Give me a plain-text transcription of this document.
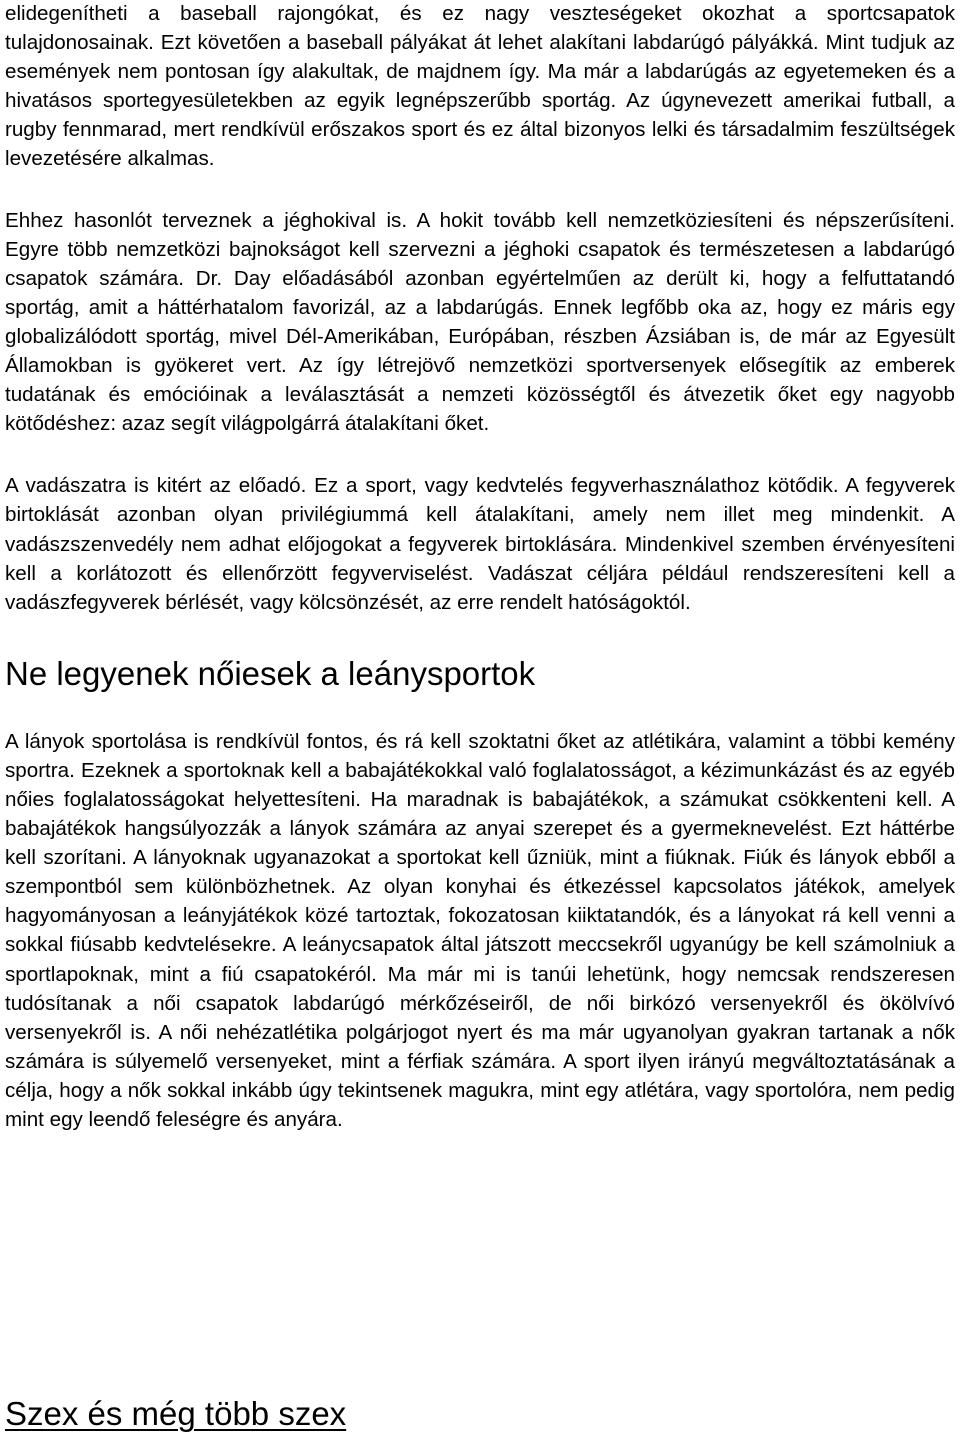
elidegenítheti a baseball rajongókat, és ez nagy veszteségeket okozhat a sportcsapatok tulajdonosainak. Ezt követően a baseball pályákat át lehet alakítani labdarúgó pályákká. Mint tudjuk az események nem pontosan így alakultak, de majdnem így. Ma már a labdarúgás az egyetemeken és a hivatásos sportegyesületekben az egyik legnépszerűbb sportág. Az úgynevezett amerikai futball, a rugby fennmarad, mert rendkívül erőszakos sport és ez által bizonyos lelki és társadalmim feszültségek levezetésére alkalmas.

Ehhez hasonlót terveznek a jéghokival is. A hokit tovább kell nemzetköziesíteni és népszerűsíteni. Egyre több nemzetközi bajnokságot kell szervezni a jéghoki csapatok és természetesen a labdarúgó csapatok számára. Dr. Day előadásából azonban egyértelműen az derült ki, hogy a felfuttatandó sportág, amit a háttérhatalom favorizál, az a labdarúgás. Ennek legfőbb oka az, hogy ez máris egy globalizálódott sportág, mivel Dél-Amerikában, Európában, részben Ázsiában is, de már az Egyesült Államokban is gyökeret vert. Az így létrejövő nemzetközi sportversenyek elősegítik az emberek tudatának és emócióinak a leválasztását a nemzeti közösségtől és átvezetik őket egy nagyobb kötődéshez: azaz segít világpolgárrá átalakítani őket.

A vadászatra is kitért az előadó. Ez a sport, vagy kedvtelés fegyverhasználathoz kötődik. A fegyverek birtoklását azonban olyan privilégiummá kell átalakítani, amely nem illet meg mindenkit. A vadászszenvedély nem adhat előjogokat a fegyverek birtoklására. Mindenkivel szemben érvényesíteni kell a korlátozott és ellenőrzött fegyverviselést. Vadászat céljára például rendszeresíteni kell a vadászfegyverek bérlését, vagy kölcsönzését, az erre rendelt hatóságoktól.

Ne legyenek nőiesek a leánysportok

A lányok sportolása is rendkívül fontos, és rá kell szoktatni őket az atlétikára, valamint a többi kemény sportra. Ezeknek a sportoknak kell a babajátékokkal való foglalatosságot, a kézimunkázást és az egyéb nőies foglalatosságokat helyettesíteni. Ha maradnak is babajátékok, a számukat csökkenteni kell. A babajátékok hangsúlyozzák a lányok számára az anyai szerepet és a gyermeknevelést. Ezt háttérbe kell szorítani. A lányoknak ugyanazokat a sportokat kell űzniük, mint a fiúknak. Fiúk és lányok ebből a szempontból sem különbözhetnek. Az olyan konyhai és étkezéssel kapcsolatos játékok, amelyek hagyományosan a leányjátékok közé tartoztak, fokozatosan kiiktatandók, és a lányokat rá kell venni a sokkal fiúsabb kedvtelésekre. A leánycsapatok által játszott meccsekről ugyanúgy be kell számolniuk a sportlapoknak, mint a fiú csapatokéról. Ma már mi is tanúi lehetünk, hogy nemcsak rendszeresen tudósítanak a női csapatok labdarúgó mérkőzéseiről, de női birkózó versenyekről és ökölvívó versenyekről is. A női nehézatlétika polgárjogot nyert és ma már ugyanolyan gyakran tartanak a nők számára is súlyemelő versenyeket, mint a férfiak számára. A sport ilyen irányú megváltoztatásának a célja, hogy a nők sokkal inkább úgy tekintsenek magukra, mint egy atlétára, vagy sportolóra, nem pedig mint egy leendő feleségre és anyára.

Szex és még több szex
